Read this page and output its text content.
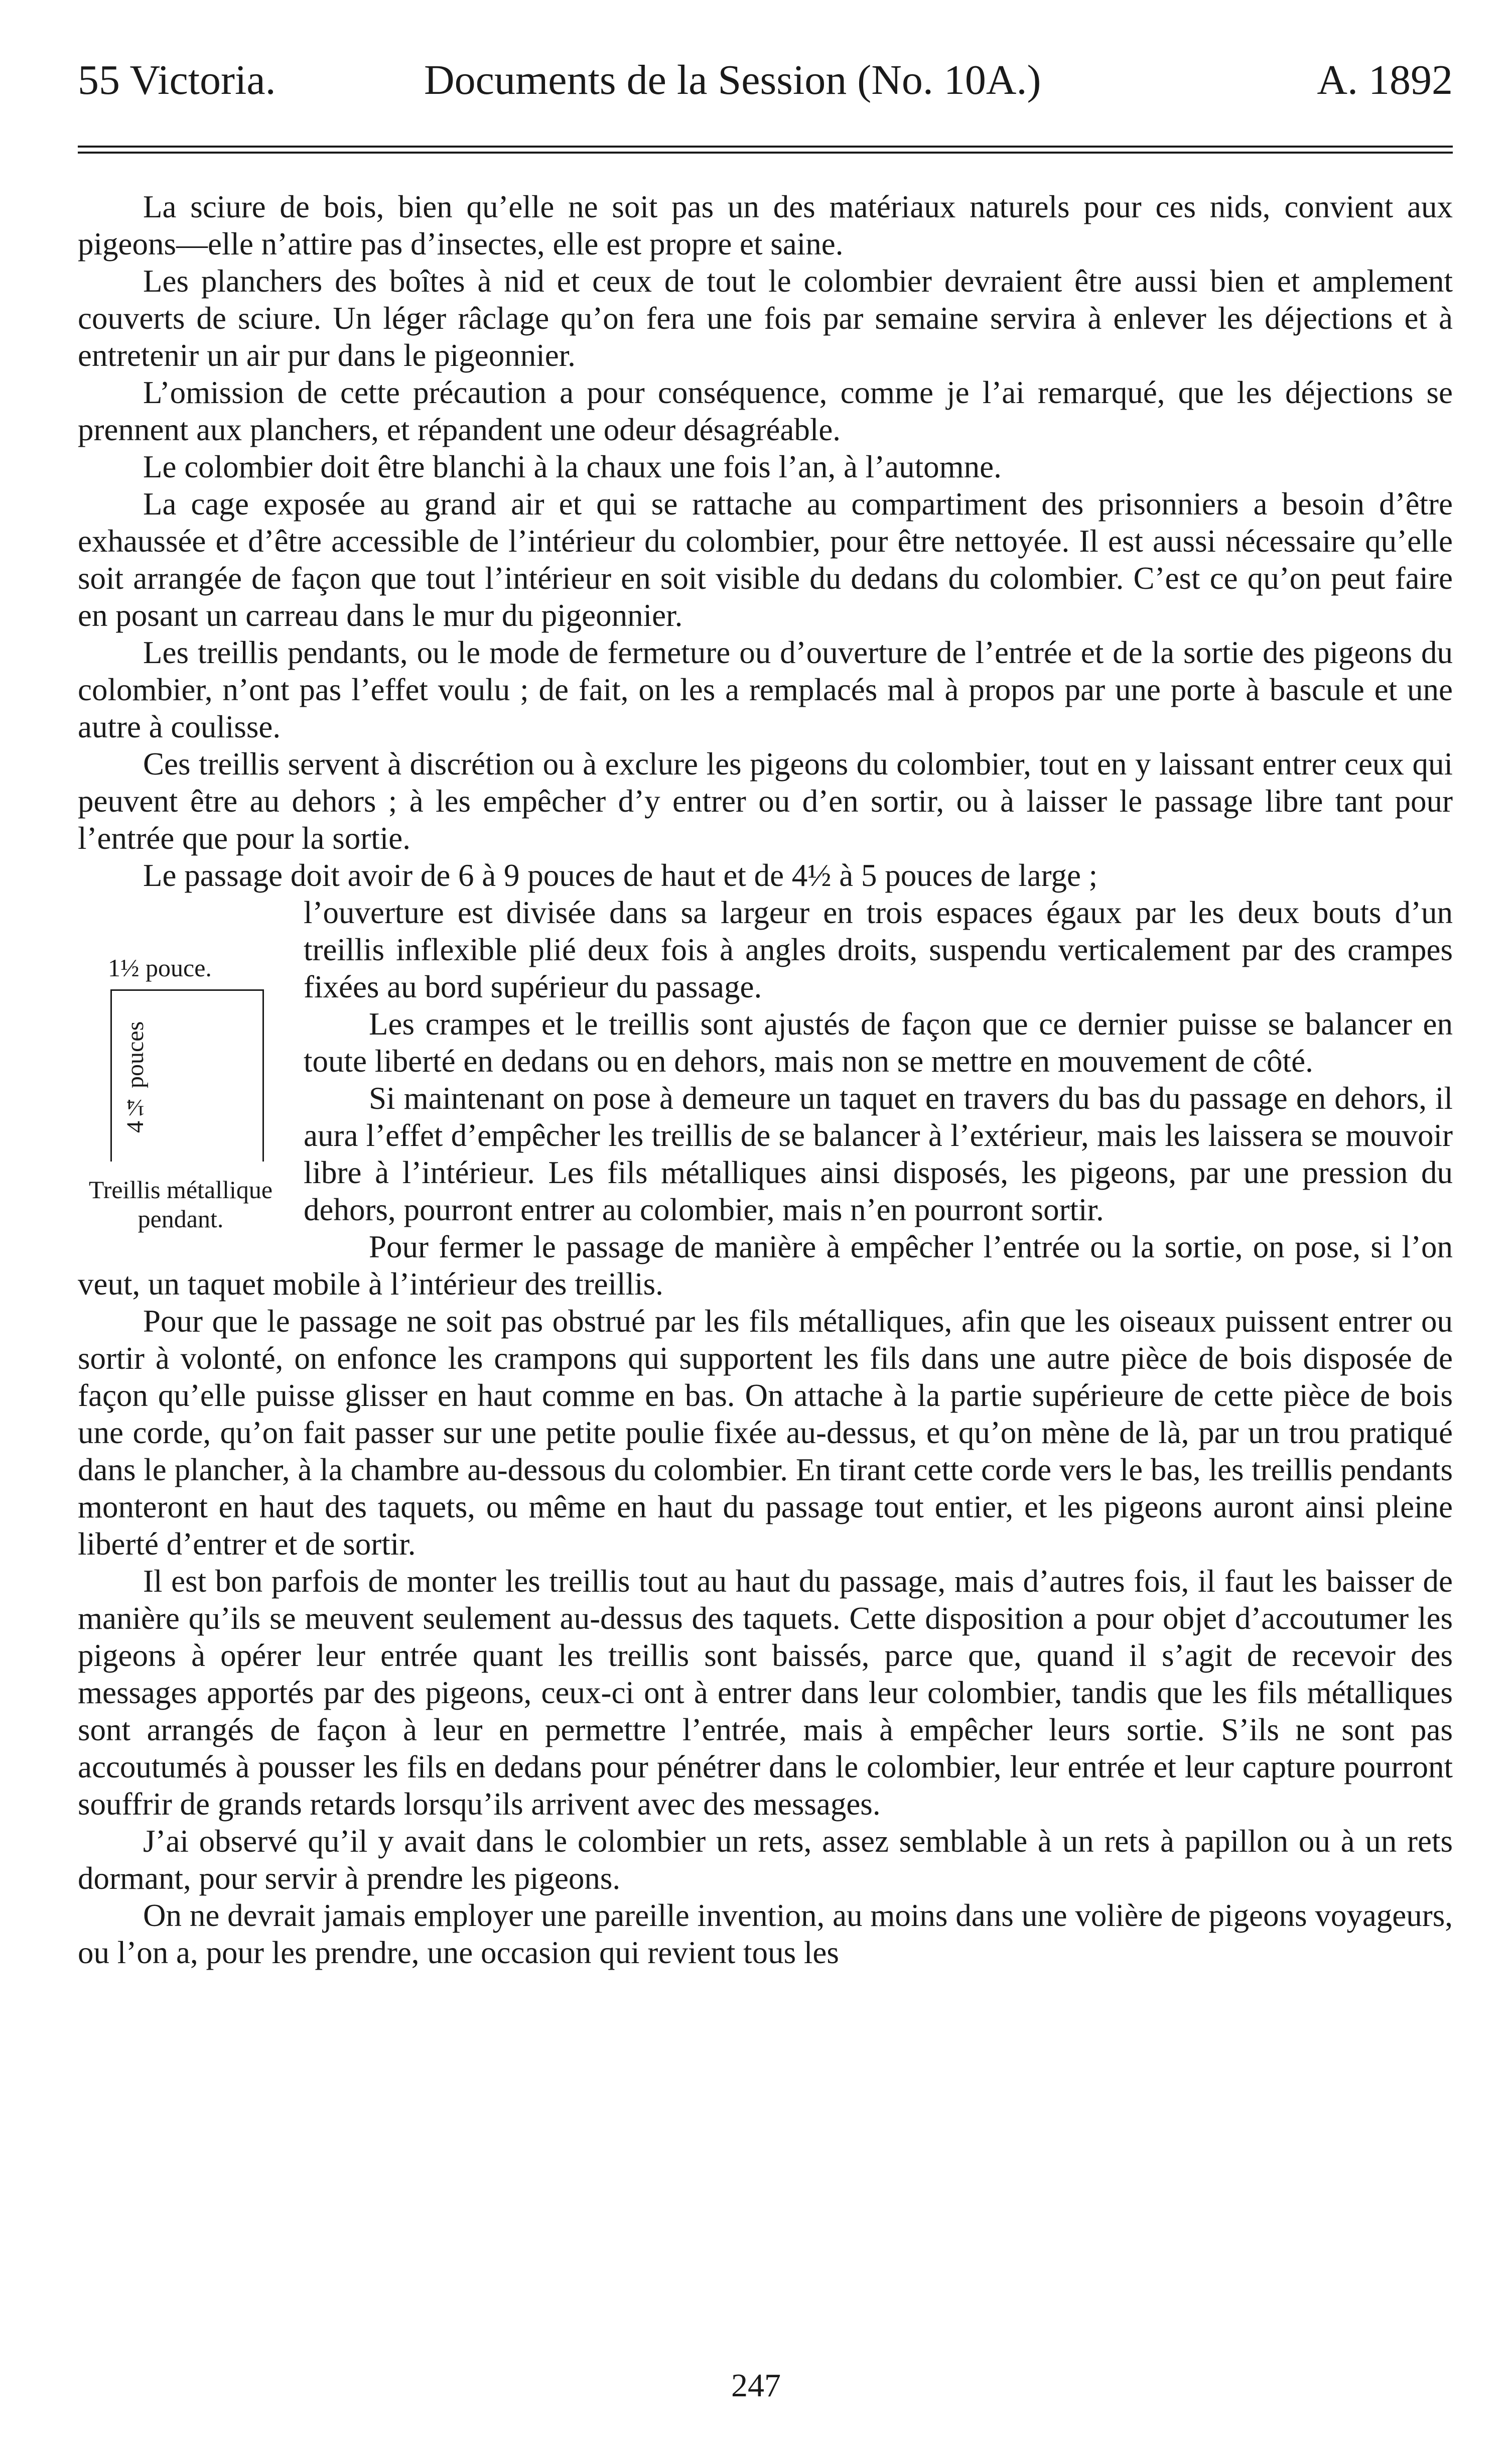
55 Victoria.	Documents de la Session (No. 10A.)	A. 1892

La sciure de bois, bien qu’elle ne soit pas un des matériaux naturels pour ces nids, convient aux pigeons—elle n’attire pas d’insectes, elle est propre et saine.

Les planchers des boîtes à nid et ceux de tout le colombier devraient être aussi bien et amplement couverts de sciure. Un léger râclage qu’on fera une fois par semaine servira à enlever les déjections et à entretenir un air pur dans le pigeonnier.

L’omission de cette précaution a pour conséquence, comme je l’ai remarqué, que les déjections se prennent aux planchers, et répandent une odeur désagréable.

Le colombier doit être blanchi à la chaux une fois l’an, à l’automne.

La cage exposée au grand air et qui se rattache au compartiment des prisonniers a besoin d’être exhaussée et d’être accessible de l’intérieur du colombier, pour être nettoyée. Il est aussi nécessaire qu’elle soit arrangée de façon que tout l’intérieur en soit visible du dedans du colombier. C’est ce qu’on peut faire en posant un carreau dans le mur du pigeonnier.

Les treillis pendants, ou le mode de fermeture ou d’ouverture de l’entrée et de la sortie des pigeons du colombier, n’ont pas l’effet voulu ; de fait, on les a remplacés mal à propos par une porte à bascule et une autre à coulisse.

Ces treillis servent à discrétion ou à exclure les pigeons du colombier, tout en y laissant entrer ceux qui peuvent être au dehors ; à les empêcher d’y entrer ou d’en sortir, ou à laisser le passage libre tant pour l’entrée que pour la sortie.

Le passage doit avoir de 6 à 9 pouces de haut et de 4½ à 5 pouces de large ;

1½ pouce.
4¼ pouces
Treillis métallique pendant.

l’ouverture est divisée dans sa largeur en trois espaces égaux par les deux bouts d’un treillis inflexible plié deux fois à angles droits, suspendu verticalement par des crampes fixées au bord supérieur du passage.

Les crampes et le treillis sont ajustés de façon que ce dernier puisse se balancer en toute liberté en dedans ou en dehors, mais non se mettre en mouvement de côté.

Si maintenant on pose à demeure un taquet en travers du bas du passage en dehors, il aura l’effet d’empêcher les treillis de se balancer à l’extérieur, mais les laissera se mouvoir libre à l’intérieur. Les fils métalliques ainsi disposés, les pigeons, par une pression du dehors, pourront entrer au colombier, mais n’en pourront sortir.

Pour fermer le passage de manière à empêcher l’entrée ou la sortie, on pose, si l’on veut, un taquet mobile à l’intérieur des treillis.

Pour que le passage ne soit pas obstrué par les fils métalliques, afin que les oiseaux puissent entrer ou sortir à volonté, on enfonce les crampons qui supportent les fils dans une autre pièce de bois disposée de façon qu’elle puisse glisser en haut comme en bas. On attache à la partie supérieure de cette pièce de bois une corde, qu’on fait passer sur une petite poulie fixée au-dessus, et qu’on mène de là, par un trou pratiqué dans le plancher, à la chambre au-dessous du colombier. En tirant cette corde vers le bas, les treillis pendants monteront en haut des taquets, ou même en haut du passage tout entier, et les pigeons auront ainsi pleine liberté d’entrer et de sortir.

Il est bon parfois de monter les treillis tout au haut du passage, mais d’autres fois, il faut les baisser de manière qu’ils se meuvent seulement au-dessus des taquets. Cette disposition a pour objet d’accoutumer les pigeons à opérer leur entrée quant les treillis sont baissés, parce que, quand il s’agit de recevoir des messages apportés par des pigeons, ceux-ci ont à entrer dans leur colombier, tandis que les fils métalliques sont arrangés de façon à leur en permettre l’entrée, mais à empêcher leurs sortie. S’ils ne sont pas accoutumés à pousser les fils en dedans pour pénétrer dans le colombier, leur entrée et leur capture pourront souffrir de grands retards lorsqu’ils arrivent avec des messages.

J’ai observé qu’il y avait dans le colombier un rets, assez semblable à un rets à papillon ou à un rets dormant, pour servir à prendre les pigeons.

On ne devrait jamais employer une pareille invention, au moins dans une volière de pigeons voyageurs, ou l’on a, pour les prendre, une occasion qui revient tous les

247
